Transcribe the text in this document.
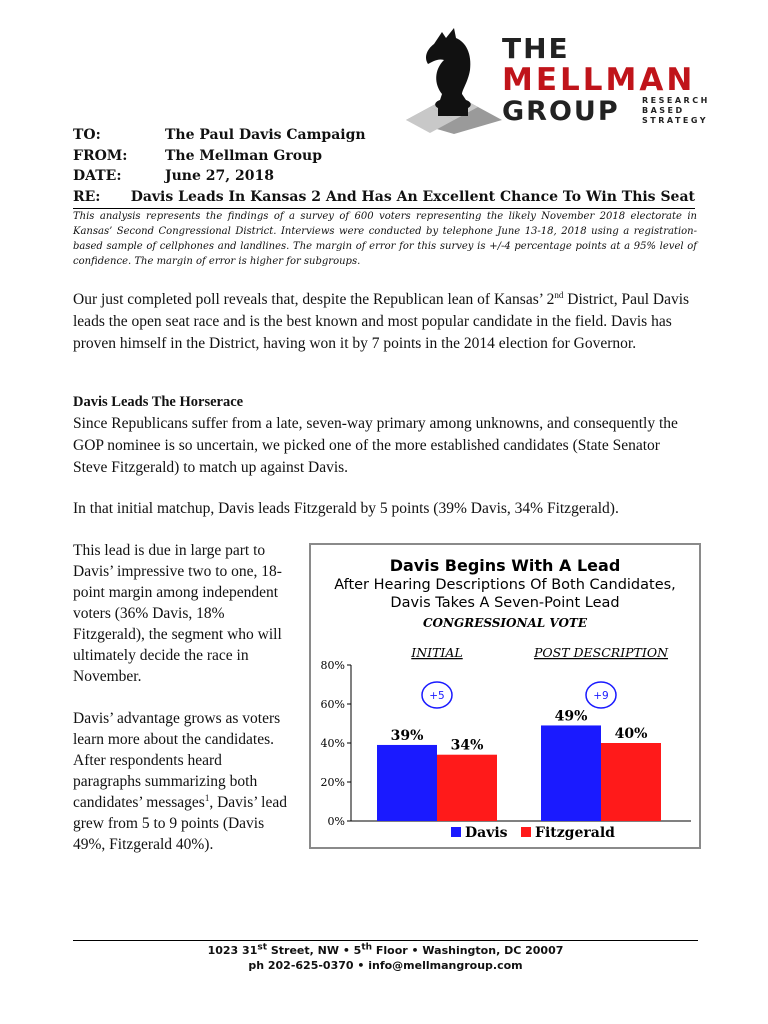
THE
MELLMAN
GROUP	RESEARCH
BASED
STRATEGY
TO:	The Paul Davis Campaign
FROM:	The Mellman Group
DATE:	June 27, 2018
RE:	Davis Leads In Kansas 2 And Has An Excellent Chance To Win This Seat
This analysis represents the findings of a survey of 600 voters representing the likely November 2018 electorate in Kansas’ Second Congressional District. Interviews were conducted by telephone June 13-18, 2018 using a registration-based sample of cellphones and landlines. The margin of error for this survey is +/-4 percentage points at a 95% level of confidence. The margin of error is higher for subgroups.
Our just completed poll reveals that, despite the Republican lean of Kansas’ 2nd District, Paul Davis leads the open seat race and is the best known and most popular candidate in the field. Davis has proven himself in the District, having won it by 7 points in the 2014 election for Governor.
Davis Leads The Horserace
Since Republicans suffer from a late, seven-way primary among unknowns, and consequently the GOP nominee is so uncertain, we picked one of the more established candidates (State Senator Steve Fitzgerald) to match up against Davis.
In that initial matchup, Davis leads Fitzgerald by 5 points (39% Davis, 34% Fitzgerald).
This lead is due in large part to Davis’ impressive two to one, 18-point margin among independent voters (36% Davis, 18% Fitzgerald), the segment who will ultimately decide the race in November.
Davis’ advantage grows as voters learn more about the candidates. After respondents heard paragraphs summarizing both candidates’ messages$^1$, Davis’ lead grew from 5 to 9 points (Davis 49%, Fitzgerald 40%).
Davis Begins With A Lead
After Hearing Descriptions Of Both Candidates,
Davis Takes A Seven-Point Lead
CONGRESSIONAL VOTE
0%
20%
40%
60%
80%
INITIAL
+5
39%
34%
POST DESCRIPTION
+9
49%
40%
Davis Fitzgerald
1023 31st Street, NW • 5th Floor • Washington, DC 20007
ph 202-625-0370 • info@mellmangroup.com
